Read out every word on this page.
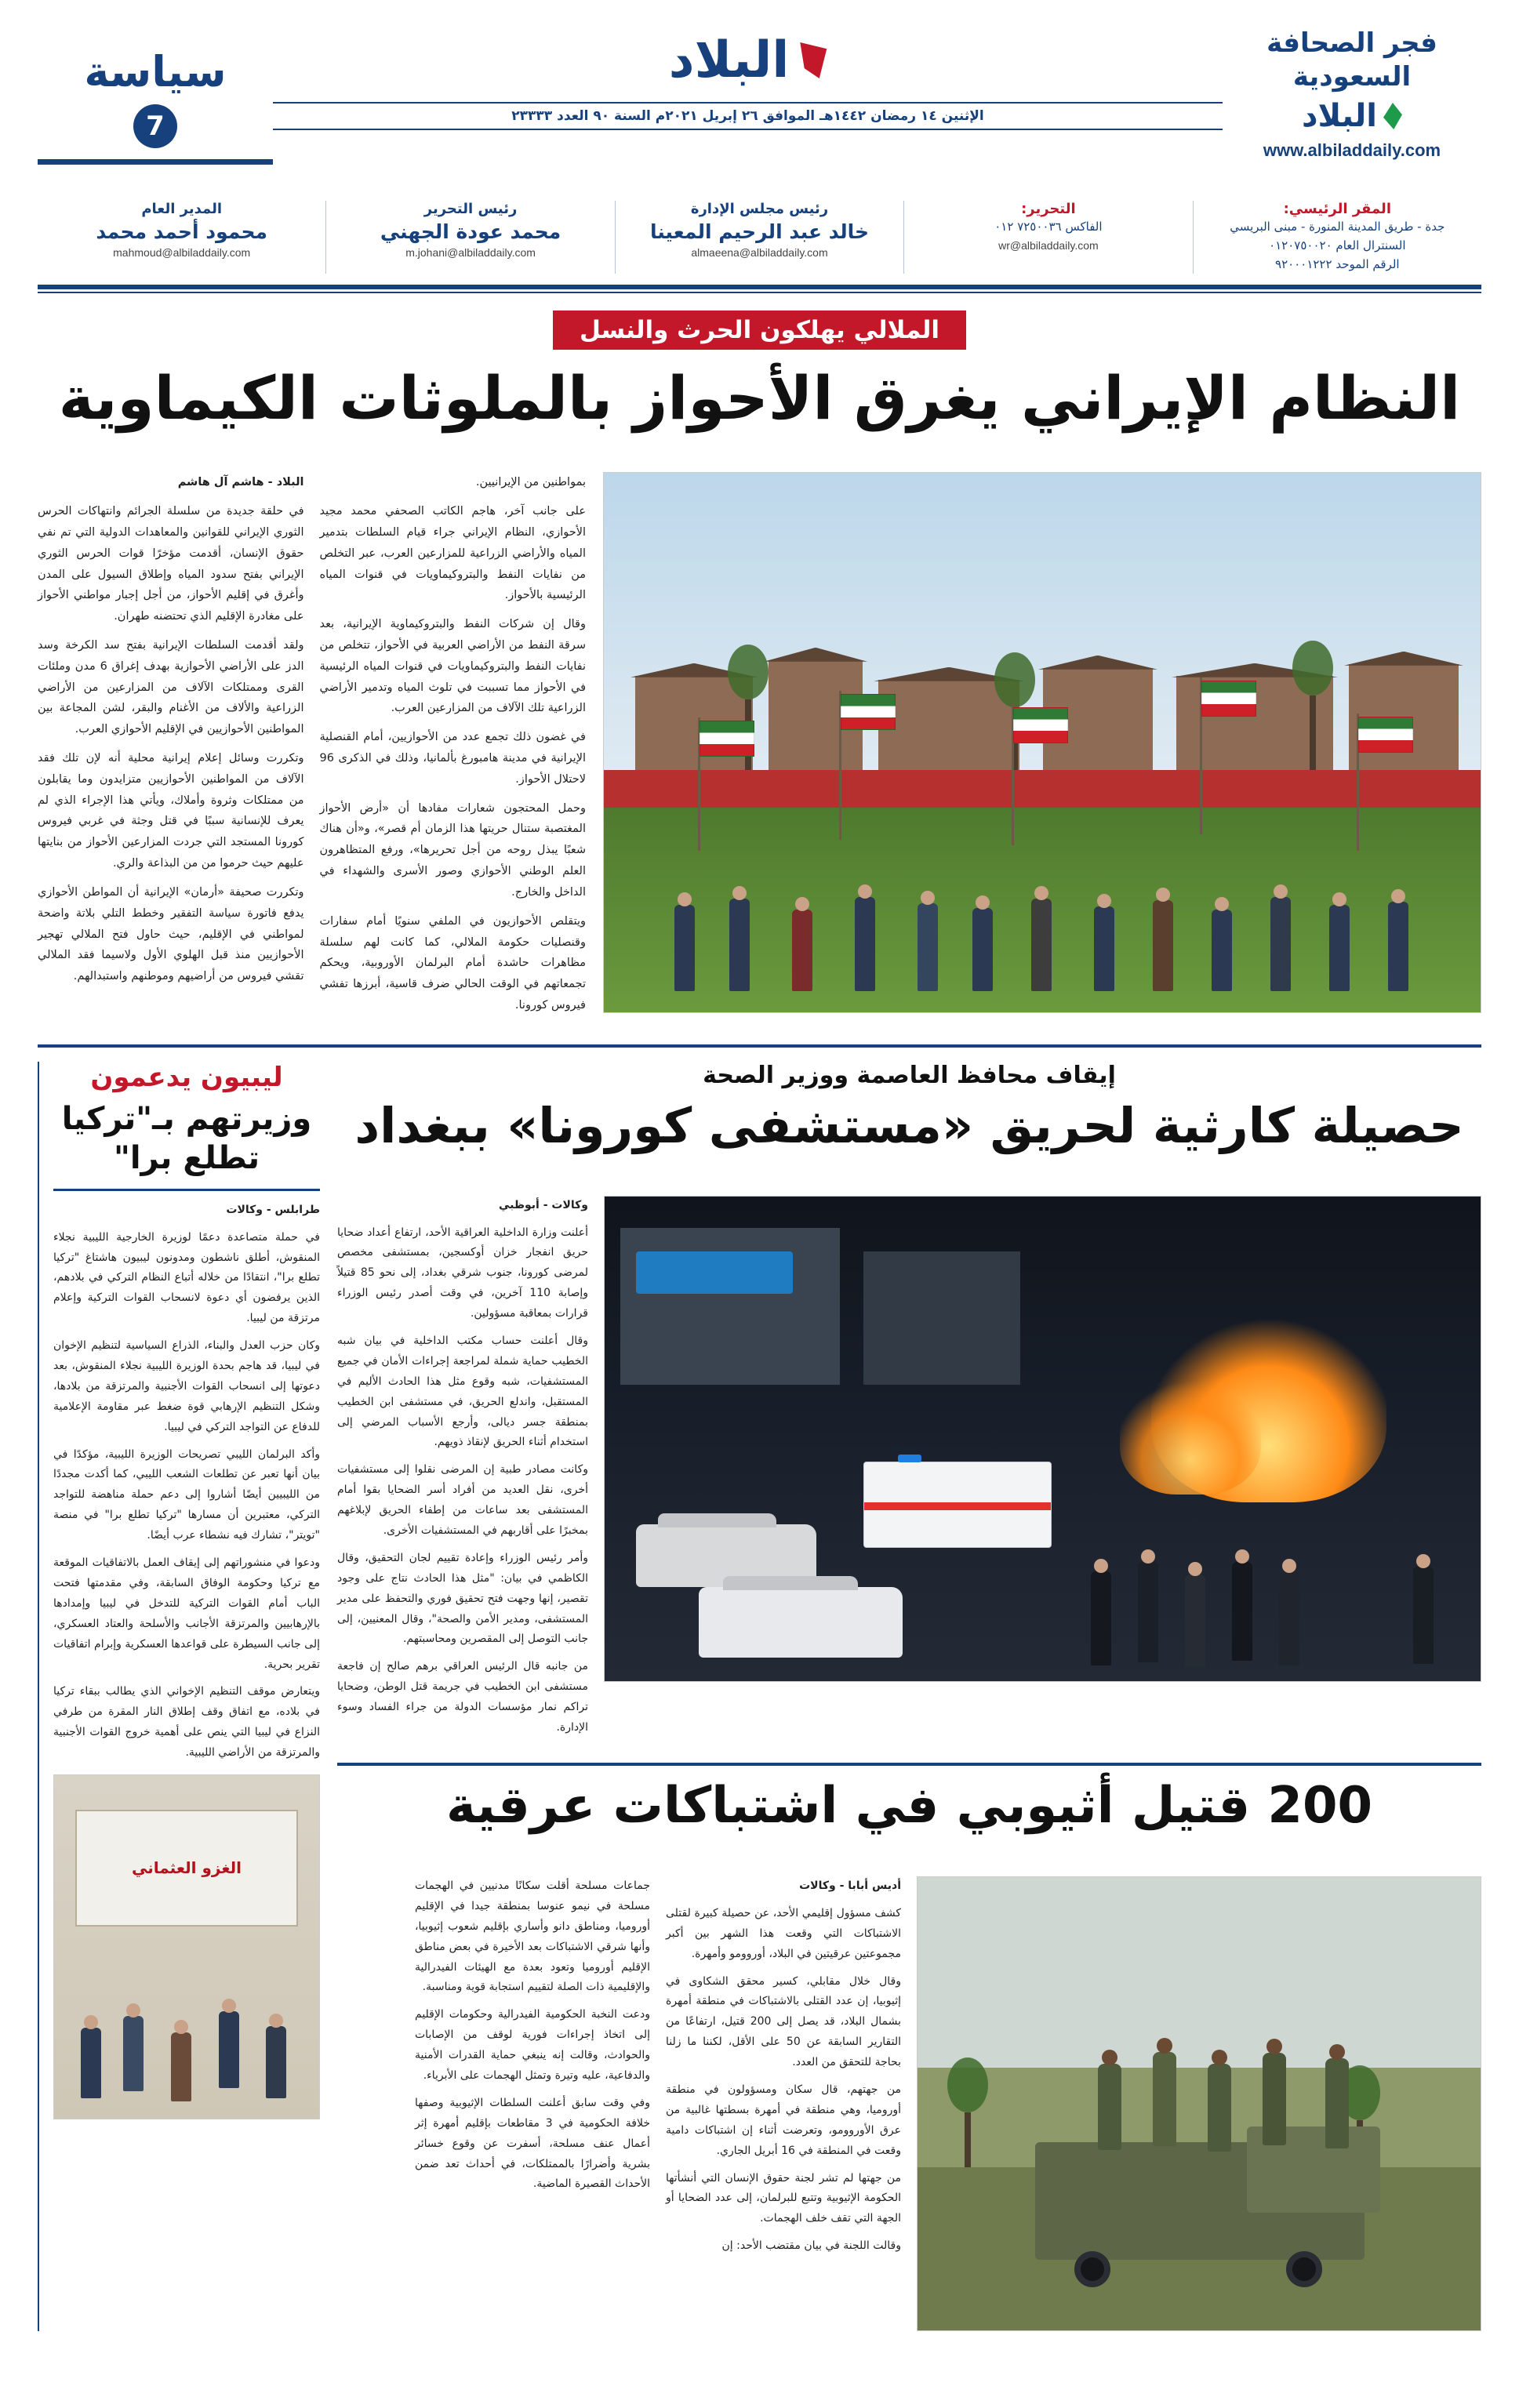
فجر الصحافة السعودية
البلاد
www.albiladdaily.com
البلاد
الإثنين ١٤ رمضان ١٤٤٢هـ الموافق ٢٦ إبريل ٢٠٢١م السنة ٩٠ العدد ٢٣٣٣٣
سياسة
7
المقر الرئيسي:
جدة - طريق المدينة المنورة - مبنى البريسي
السنترال العام ٠١٢٠٧٥٠٠٢٠
الرقم الموحد ٩٢٠٠٠١٢٢٢
التحرير:
الفاكس ٧٢٥٠٠٣٦ ٠١٢
wr@albiladdaily.com
رئيس مجلس الإدارة
خالد عبد الرحيم المعينا
almaeena@albiladdaily.com
رئيس التحرير
محمد عودة الجهني
m.johani@albiladdaily.com
المدير العام
محمود أحمد محمد
mahmoud@albiladdaily.com
الملالي يهلكون الحرث والنسل
النظام الإيراني يغرق الأحواز بالملوثات الكيماوية

بمواطنين من الإيرانيين.

على جانب آخر، هاجم الكاتب الصحفي محمد مجيد الأحوازي، النظام الإيراني جراء قيام السلطات بتدمير المياه والأراضي الزراعية للمزارعين العرب، عبر التخلص من نفايات النفط والبتروكيماويات في قنوات المياه الرئيسية بالأحواز.

وقال إن شركات النفط والبتروكيماوية الإيرانية، بعد سرقة النفط من الأراضي العربية في الأحواز، تتخلص من نفايات النفط والبتروكيماويات في قنوات المياه الرئيسية في الأحواز مما تسببت في تلوث المياه وتدمير الأراضي الزراعية تلك الآلاف من المزارعين العرب.

في غضون ذلك تجمع عدد من الأحوازيين، أمام القنصلية الإيرانية في مدينة هامبورغ بألمانيا، وذلك في الذكرى 96 لاحتلال الأحواز.

وحمل المحتجون شعارات مفادها أن «أرض الأحواز المغتصبة ستنال حريتها هذا الزمان أم قصر»، و«أن هناك شعبًا يبذل روحه من أجل تحريرها»، ورفع المتظاهرون العلم الوطني الأحوازي وصور الأسرى والشهداء في الداخل والخارج.

ويتقلص الأحوازيون في الملفي سنويًا أمام سفارات وقنصليات حكومة الملالي، كما كانت لهم سلسلة مظاهرات حاشدة أمام البرلمان الأوروبية، ويحكم تجمعاتهم في الوقت الحالي ضرف قاسية، أبرزها تفشي فيروس كورونا.

البلاد - هاشم آل هاشم

في حلقة جديدة من سلسلة الجرائم وانتهاكات الحرس الثوري الإيراني للقوانين والمعاهدات الدولية التي تم نفي حقوق الإنسان، أقدمت مؤخرًا قوات الحرس الثوري الإيراني بفتح سدود المياه وإطلاق السيول على المدن وأغرق في إقليم الأحواز، من أجل إجبار مواطني الأحواز على مغادرة الإقليم الذي تحتضنه طهران.

ولقد أقدمت السلطات الإيرانية بفتح سد الكرخة وسد الدز على الأراضي الأحوازية بهدف إغراق 6 مدن وملئات القرى وممتلكات الآلاف من المزارعين من الأراضي الزراعية والألاف من الأغنام والبقر، لشن المجاعة بين المواطنين الأحوازيين في الإقليم الأحوازي العرب.

وتكررت وسائل إعلام إيرانية محلية أنه لإن تلك فقد الآلاف من المواطنين الأحوازيين متزايدون وما يقابلون من ممتلكات وثروة وأملاك، ويأتي هذا الإجراء الذي لم يعرف للإنسانية سببًا في قتل وجثة في غربي فيروس كورونا المستجد التي جردت المزارعين الأحواز من بنايتها عليهم حيث حرموا من من البذاعة والري.

وتكررت صحيفة «أرمان» الإيرانية أن المواطن الأحوازي يدفع فاتورة سياسة التفقير وخطط التلي بلاتة واضحة لمواطني في الإقليم، حيث حاول فتح الملالي تهجير الأحوازيين منذ قبل الهلوي الأول ولاسيما فقد الملالي تقشي فيروس من أراضيهم وموطنهم واستبدالهم.

إيقاف محافظ العاصمة ووزير الصحة
حصيلة كارثية لحريق «مستشفى كورونا» ببغداد

وكالات - أبوظبي

أعلنت وزارة الداخلية العراقية الأحد، ارتفاع أعداد ضحايا حريق انفجار خزان أوكسجين، بمستشفى مخصص لمرضى كورونا، جنوب شرقي بغداد، إلى نحو 85 قتيلاً وإصابة 110 آخرين، في وقت أصدر رئيس الوزراء قرارات بمعاقبة مسؤولين.

وقال أعلنت حساب مكتب الداخلية في بيان شبه الخطيب حماية شملة لمراجعة إجراءات الأمان في جميع المستشفيات، شبه وقوع مثل هذا الحادث الأليم في المستقبل، واندلع الحريق، في مستشفى ابن الخطيب بمنطقة جسر ديالى، وأرجع الأسباب المرضي إلى استخدام أثناء الحريق لإنقاذ ذويهم.

وكانت مصادر طبية إن المرضى نقلوا إلى مستشفيات أخرى، نقل العديد من أفراد أسر الضحايا بقوا أمام المستشفى بعد ساعات من إطفاء الحريق لإبلاغهم بمخبرًا على أقاربهم في المستشفيات الأخرى.

وأمر رئيس الوزراء وإعادة تقييم لجان التحقيق، وقال الكاظمي في بيان: "مثل هذا الحادث نتاج على وجود تقصير، إنها وجهت فتح تحقيق فوري والتحفظ على مدير المستشفى، ومدير الأمن والصحة"، وقال المعنيين، إلى جانب التوصل إلى المقصرين ومحاسبتهم.

من جانبه قال الرئيس العراقي برهم صالح إن فاجعة مستشفى ابن الخطيب في جريمة قتل الوطن، وضحايا تراكم نمار مؤسسات الدولة من جراء الفساد وسوء الإدارة.

200 قتيل أثيوبي في اشتباكات عرقية

أديس أبابا - وكالات

كشف مسؤول إقليمي الأحد، عن حصيلة كبيرة لقتلى الاشتباكات التي وقعت هذا الشهر بين أكبر مجموعتين عرقيتين في البلاد، أوروومو وأمهرة.

وقال خلال مقابلي، كسير محقق الشكاوى في إثيوبيا، إن عدد القتلى بالاشتباكات في منطقة أمهرة بشمال البلاد، قد يصل إلى 200 قتيل، ارتفاعًا من التقارير السابقة عن 50 على الأقل، لكننا ما زلنا بحاجة للتحقق من العدد.

من جهتهم، قال سكان ومسؤولون في منطقة أوروميا، وهي منطقة في أمهرة بسطتها غالبية من عرق الأوروومو، وتعرضت أثناء إن اشتباكات دامية وقعت في المنطقة في 16 أبريل الجاري.

من جهتها لم تشر لجنة حقوق الإنسان التي أنشأتها الحكومة الإثيوبية وتتبع للبرلمان، إلى عدد الضحايا أو الجهة التي تقف خلف الهجمات.

وقالت اللجنة في بيان مقتضب الأحد: إن

جماعات مسلحة أقلت سكانًا مدنيين في الهجمات مسلحة في نيمو عنوسا بمنطقة جيدا في الإقليم أوروميا، ومناطق دانو وأساري بإقليم شعوب إثيوبيا، وأنها شرقي الاشتباكات بعد الأخيرة في بعض مناطق الإقليم أوروميا وتعود بعدة مع الهيئات الفيدرالية والإقليمية ذات الصلة لتقييم استجابة قوية ومناسبة.

ودعت النخبة الحكومية الفيدرالية وحكومات الإقليم إلى اتخاذ إجراءات فورية لوقف من الإصابات والحوادث، وقالت إنه ينبغي حماية القدرات الأمنية والدفاعية، عليه وتيرة وتمثل الهجمات على الأبرياء.

وفي وقت سابق أعلنت السلطات الإثيوبية وصفها خلافة الحكومية في 3 مقاطعات بإقليم أمهرة إثر أعمال عنف مسلحة، أسفرت عن وقوع خسائر بشرية وأضرارًا بالممتلكات، في أحداث تعد ضمن الأحداث القصيرة الماضية.

ليبيون يدعمون
وزيرتهم بـ"تركيا تطلع برا"

طرابلس - وكالات

في حملة متصاعدة دعمًا لوزيرة الخارجية الليبية نجلاء المنقوش، أطلق ناشطون ومدونون ليبيون هاشتاغ "تركيا تطلع برا"، انتقادًا من خلاله أتباع النظام التركي في بلادهم، الذين يرفضون أي دعوة لانسحاب القوات التركية وإعلام مرتزقة من ليبيا.

وكان حزب العدل والبناء، الذراع السياسية لتنظيم الإخوان في ليبيا، قد هاجم بحدة الوزيرة الليبية نجلاء المنقوش، بعد دعوتها إلى انسحاب القوات الأجنبية والمرتزقة من بلادها، وشكل التنظيم الإرهابي قوة ضغط عبر مقاومة الإعلامية للدفاع عن التواجد التركي في ليبيا.

وأكد البرلمان الليبي تصريحات الوزيرة الليبية، مؤكدًا في بيان أنها تعبر عن تطلعات الشعب الليبي، كما أكدت مجددًا من الليبيين أيضًا أشاروا إلى دعم حملة مناهضة للتواجد التركي، معتبرين أن مسارها "تركيا تطلع برا" في منصة "تويتر"، تشارك فيه نشطاء عرب أيضًا.

ودعوا في منشوراتهم إلى إيقاف العمل بالاتفاقيات الموقعة مع تركيا وحكومة الوفاق السابقة، وفي مقدمتها فتحت الباب أمام القوات التركية للتدخل في ليبيا وإمدادها بالإرهابيين والمرتزقة الأجانب والأسلحة والعتاد العسكري، إلى جانب السيطرة على قواعدها العسكرية وإبرام اتفاقيات تقرير بحرية.

ويتعارض موقف التنظيم الإخواني الذي يطالب ببقاء تركيا في بلاده، مع اتفاق وقف إطلاق النار المقرة من طرفي النزاع في ليبيا التي ينص على أهمية خروج القوات الأجنبية والمرتزقة من الأراضي الليبية.

الغزو العثماني
